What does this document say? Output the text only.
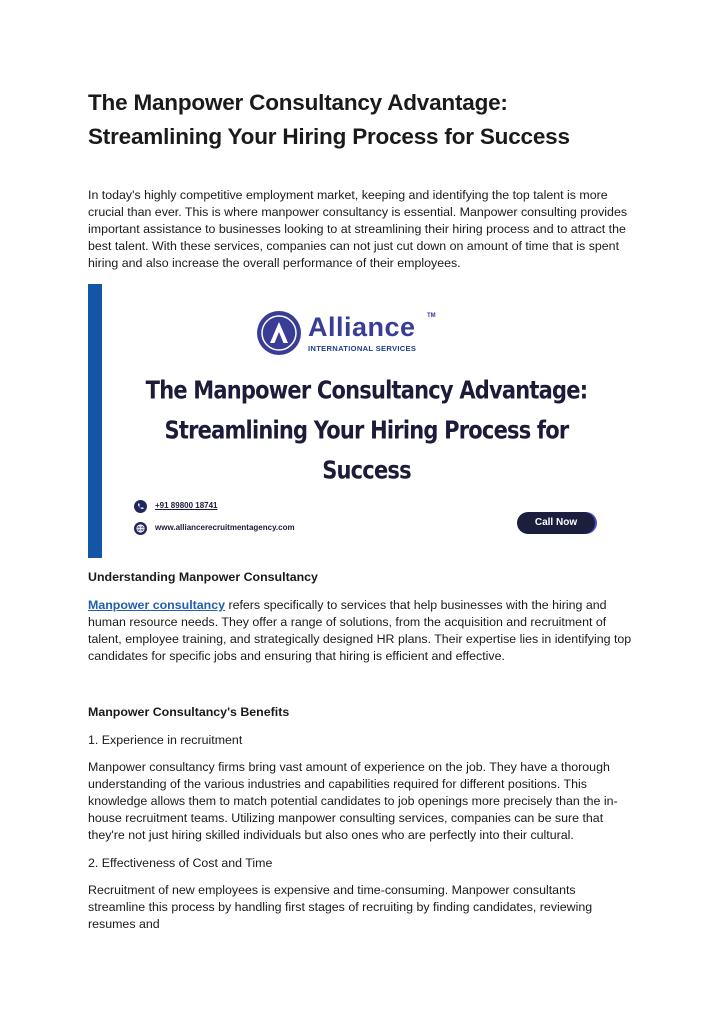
The Manpower Consultancy Advantage: Streamlining Your Hiring Process for Success

In today's highly competitive employment market, keeping and identifying the top talent is more crucial than ever. This is where manpower consultancy is essential. Manpower consulting provides important assistance to businesses looking to at streamlining their hiring process and to attract the best talent. With these services, companies can not just cut down on amount of time that is spent hiring and also increase the overall performance of their employees.

Alliance TM
INTERNATIONAL SERVICES
The Manpower Consultancy Advantage:
Streamlining Your Hiring Process for Success
+91 89800 18741
www.alliancerecruitmentagency.com	Call Now
Understanding Manpower Consultancy

Manpower consultancy refers specifically to services that help businesses with the hiring and human resource needs. They offer a range of solutions, from the acquisition and recruitment of talent, employee training, and strategically designed HR plans. Their expertise lies in identifying top candidates for specific jobs and ensuring that hiring is efficient and effective.

Manpower Consultancy's Benefits

1. Experience in recruitment

Manpower consultancy firms bring vast amount of experience on the job. They have a thorough understanding of the various industries and capabilities required for different positions. This knowledge allows them to match potential candidates to job openings more precisely than the in-house recruitment teams. Utilizing manpower consulting services, companies can be sure that they're not just hiring skilled individuals but also ones who are perfectly into their cultural.

2. Effectiveness of Cost and Time

Recruitment of new employees is expensive and time-consuming. Manpower consultants streamline this process by handling first stages of recruiting by finding candidates, reviewing resumes and
